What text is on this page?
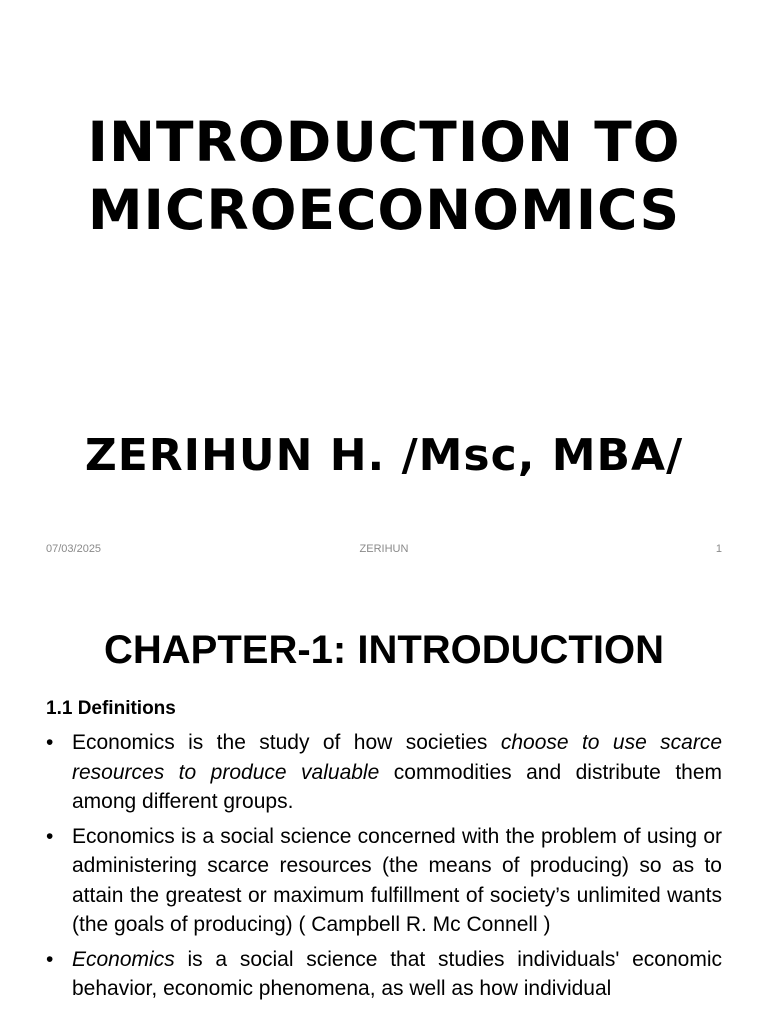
INTRODUCTION TO
MICROECONOMICS
ZERIHUN H. /Msc, MBA/
07/03/2025	ZERIHUN	1
CHAPTER-1: INTRODUCTION
1.1 Definitions
• Economics is the study of how societies choose to use scarce resources to produce valuable commodities and distribute them among different groups.
• Economics is a social science concerned with the problem of using or administering scarce resources (the means of producing) so as to attain the greatest or maximum fulfillment of society’s unlimited wants (the goals of producing) ( Campbell R. Mc Connell )
• Economics is a social science that studies individuals' economic behavior, economic phenomena, as well as how individual
